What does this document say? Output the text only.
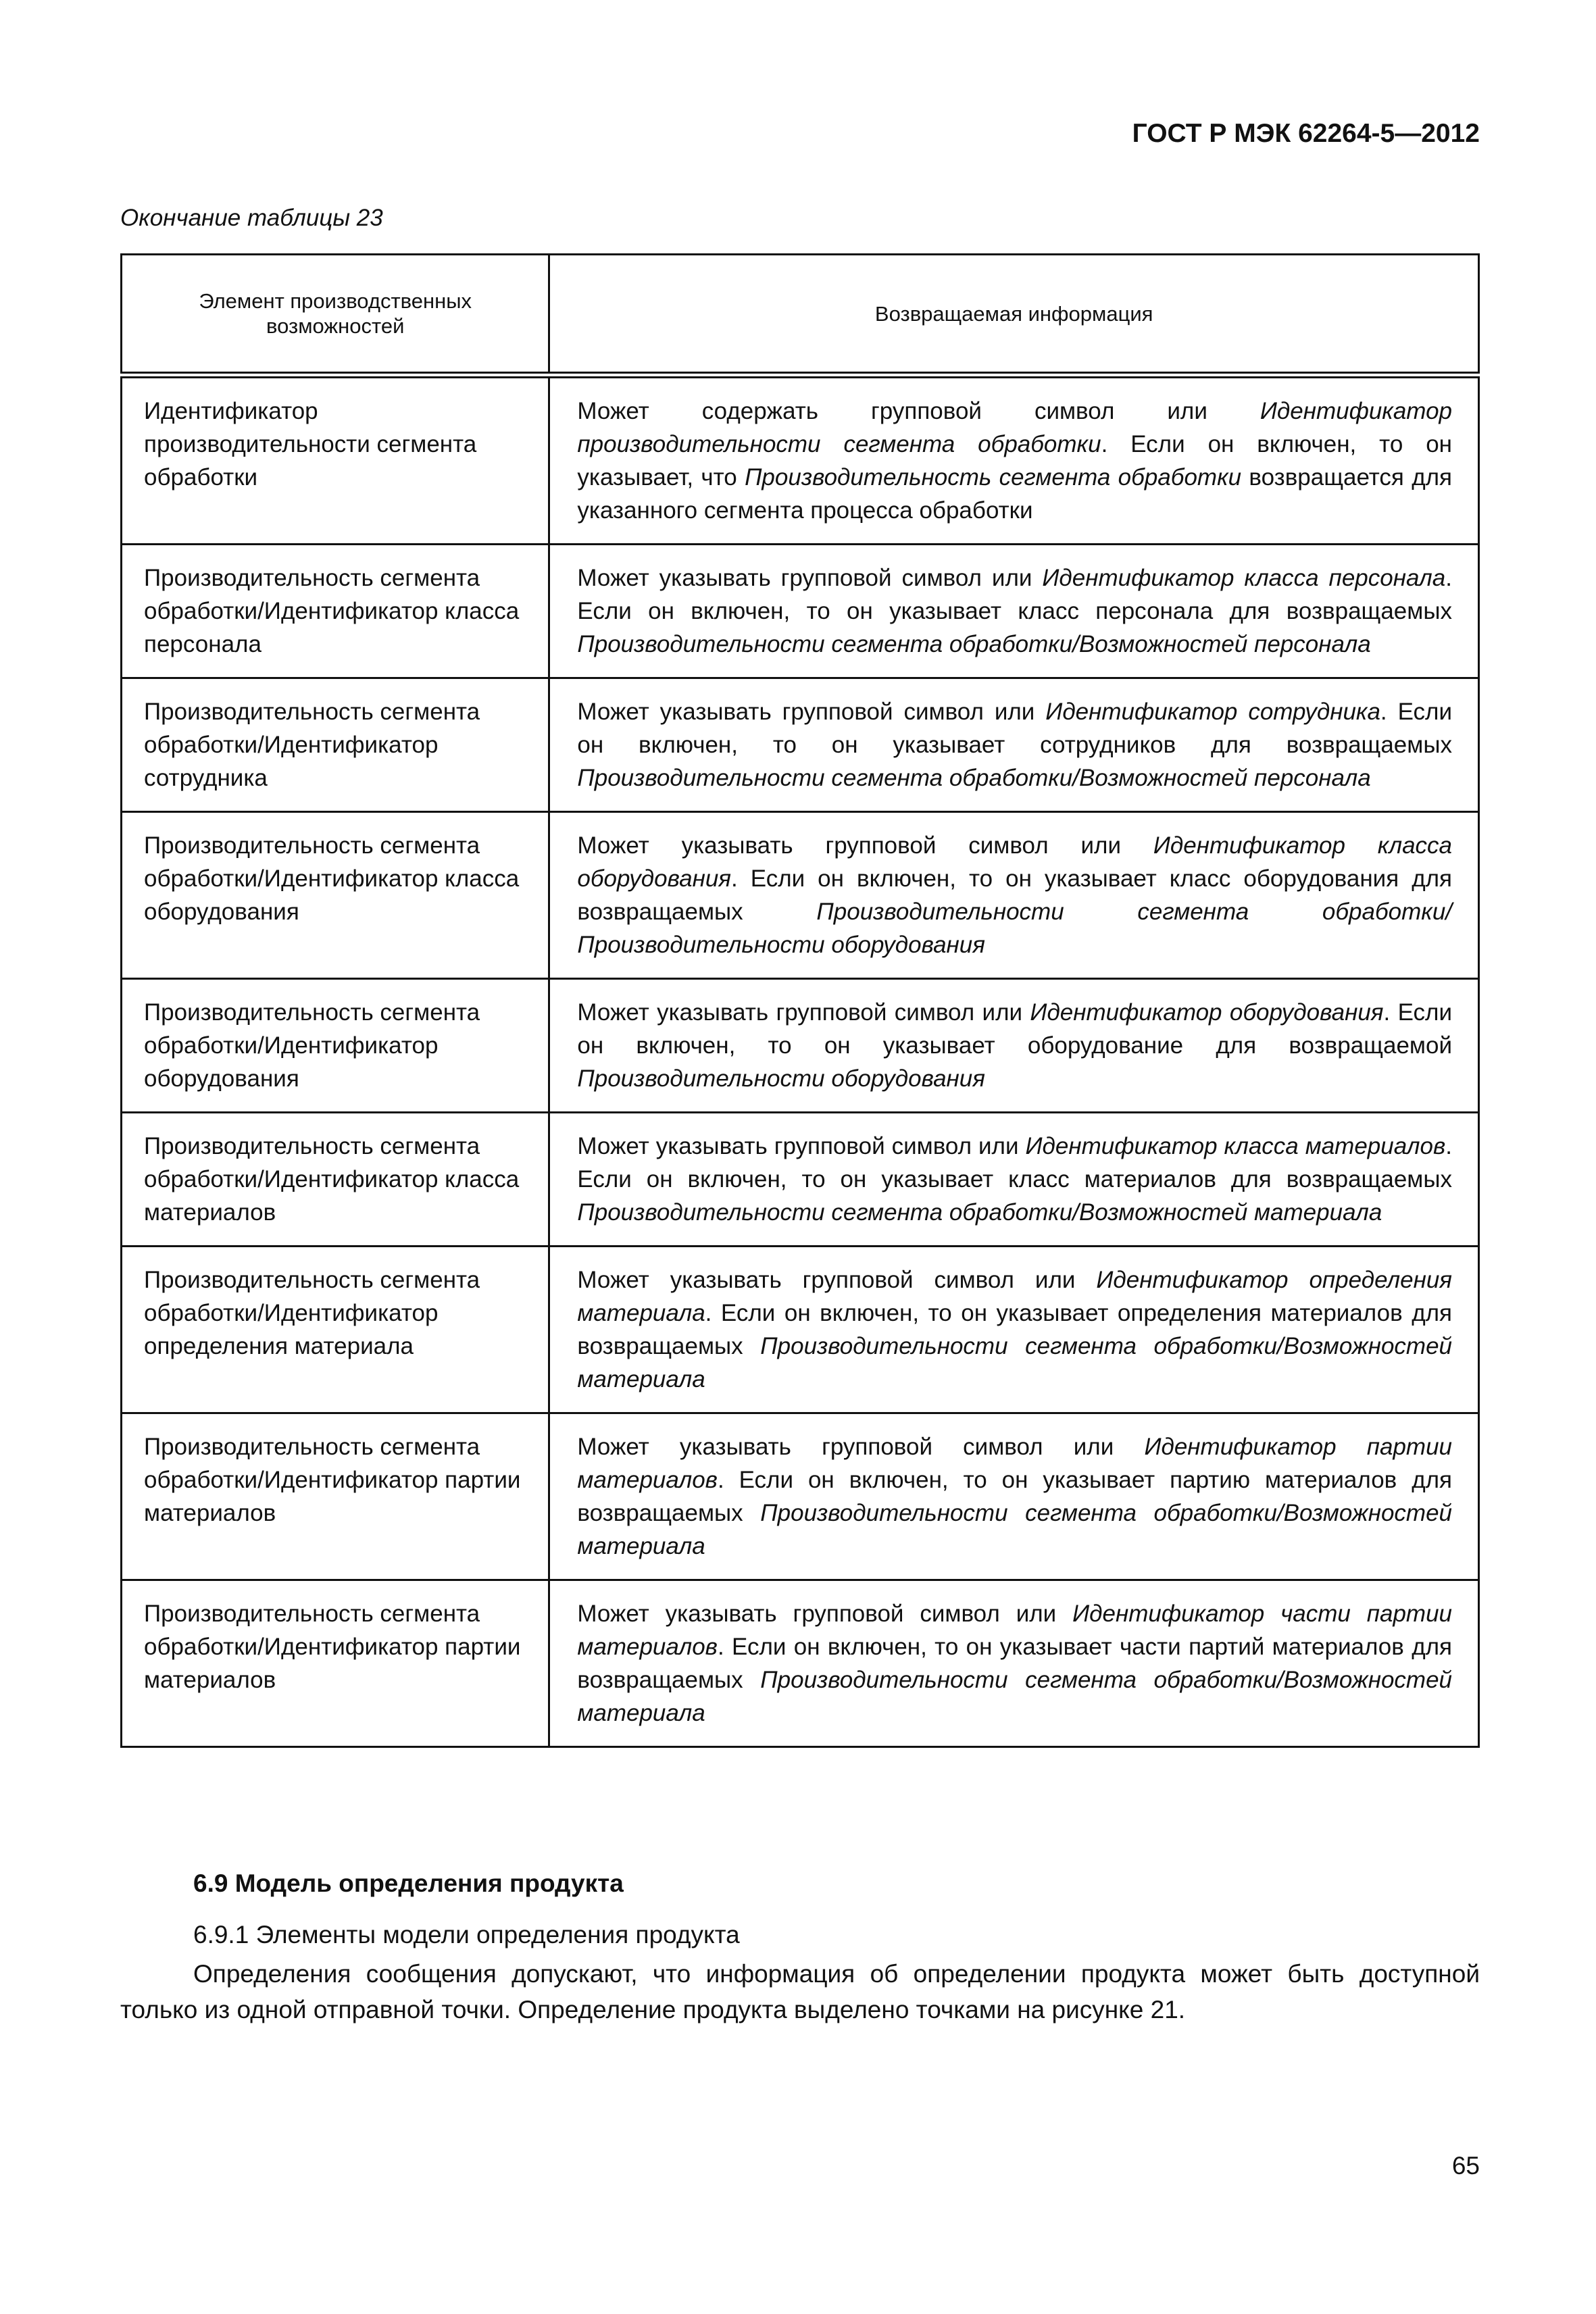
ГОСТ Р МЭК 62264-5—2012
Окончание таблицы 23
Элемент производственных возможностей	Возвращаемая информация
Идентификатор производительности сегмента обработки	Может содержать групповой символ или Идентификатор производительности сегмента обработки. Если он включен, то он указывает, что Производительность сегмента обработки возвращается для указанного сегмента процесса обработки
Производительность сегмента обработки/Идентификатор класса персонала	Может указывать групповой символ или Идентификатор класса персонала. Если он включен, то он указывает класс персонала для возвращаемых Производительности сегмента обработки/Возможностей персонала
Производительность сегмента обработки/Идентификатор сотрудника	Может указывать групповой символ или Идентификатор сотрудника. Если он включен, то он указывает сотрудников для возвращаемых Производительности сегмента обработки/Возможностей персонала
Производительность сегмента обработки/Идентификатор класса оборудования	Может указывать групповой символ или Идентификатор класса оборудования. Если он включен, то он указывает класс оборудования для возвращаемых Производительности сегмента обработки/Производительности оборудования
Производительность сегмента обработки/Идентификатор оборудования	Может указывать групповой символ или Идентификатор оборудования. Если он включен, то он указывает оборудование для возвращаемой Производительности оборудования
Производительность сегмента обработки/Идентификатор класса материалов	Может указывать групповой символ или Идентификатор класса материалов. Если он включен, то он указывает класс материалов для возвращаемых Производительности сегмента обработки/Возможностей материала
Производительность сегмента обработки/Идентификатор определения материала	Может указывать групповой символ или Идентификатор определения материала. Если он включен, то он указывает определения материалов для возвращаемых Производительности сегмента обработки/Возможностей материала
Производительность сегмента обработки/Идентификатор партии материалов	Может указывать групповой символ или Идентификатор партии материалов. Если он включен, то он указывает партию материалов для возвращаемых Производительности сегмента обработки/Возможностей материала
Производительность сегмента обработки/Идентификатор партии материалов	Может указывать групповой символ или Идентификатор части партии материалов. Если он включен, то он указывает части партий материалов для возвращаемых Производительности сегмента обработки/Возможностей материала
6.9 Модель определения продукта
6.9.1 Элементы модели определения продукта
Определения сообщения допускают, что информация об определении продукта может быть доступной только из одной отправной точки. Определение продукта выделено точками на рисунке 21.
65
